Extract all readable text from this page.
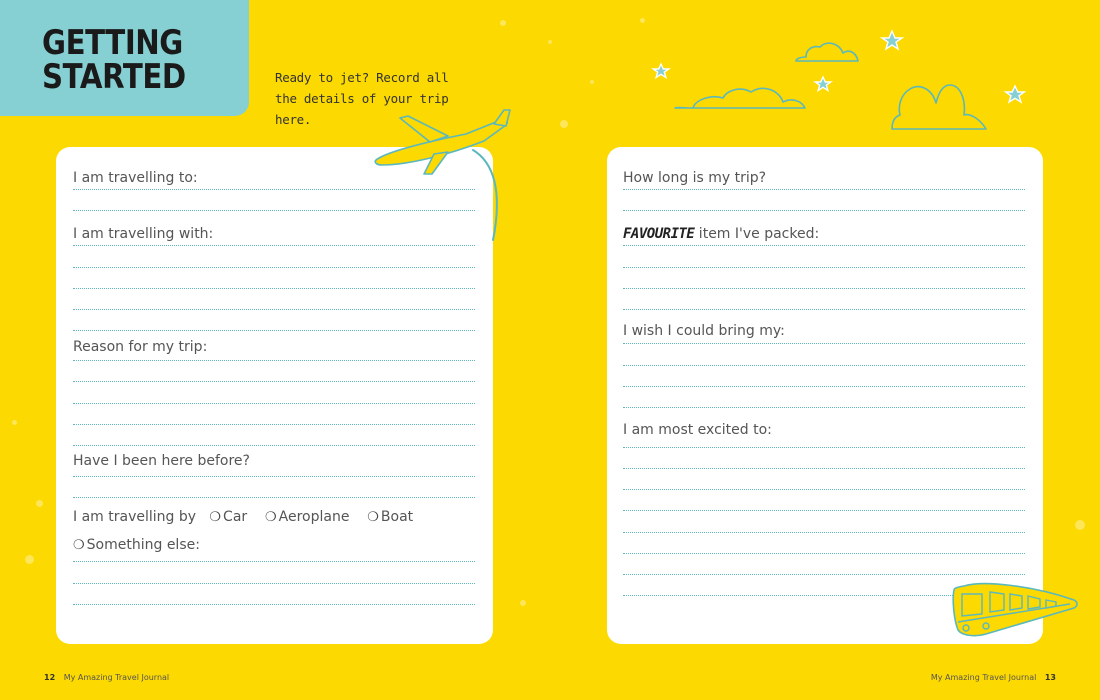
GETTING
STARTED	Ready to jet? Record all the details of your trip here.
I am travelling to:
I am travelling with:
Reason for my trip:
Have I been here before?
I am travelling by ❍ Car ❍ Aeroplane ❍ Boat
❍ Something else:
How long is my trip?
FAVOURITE item I've packed:
I wish I could bring my:
I am most excited to:
12 My Amazing Travel Journal	My Amazing Travel Journal 13
